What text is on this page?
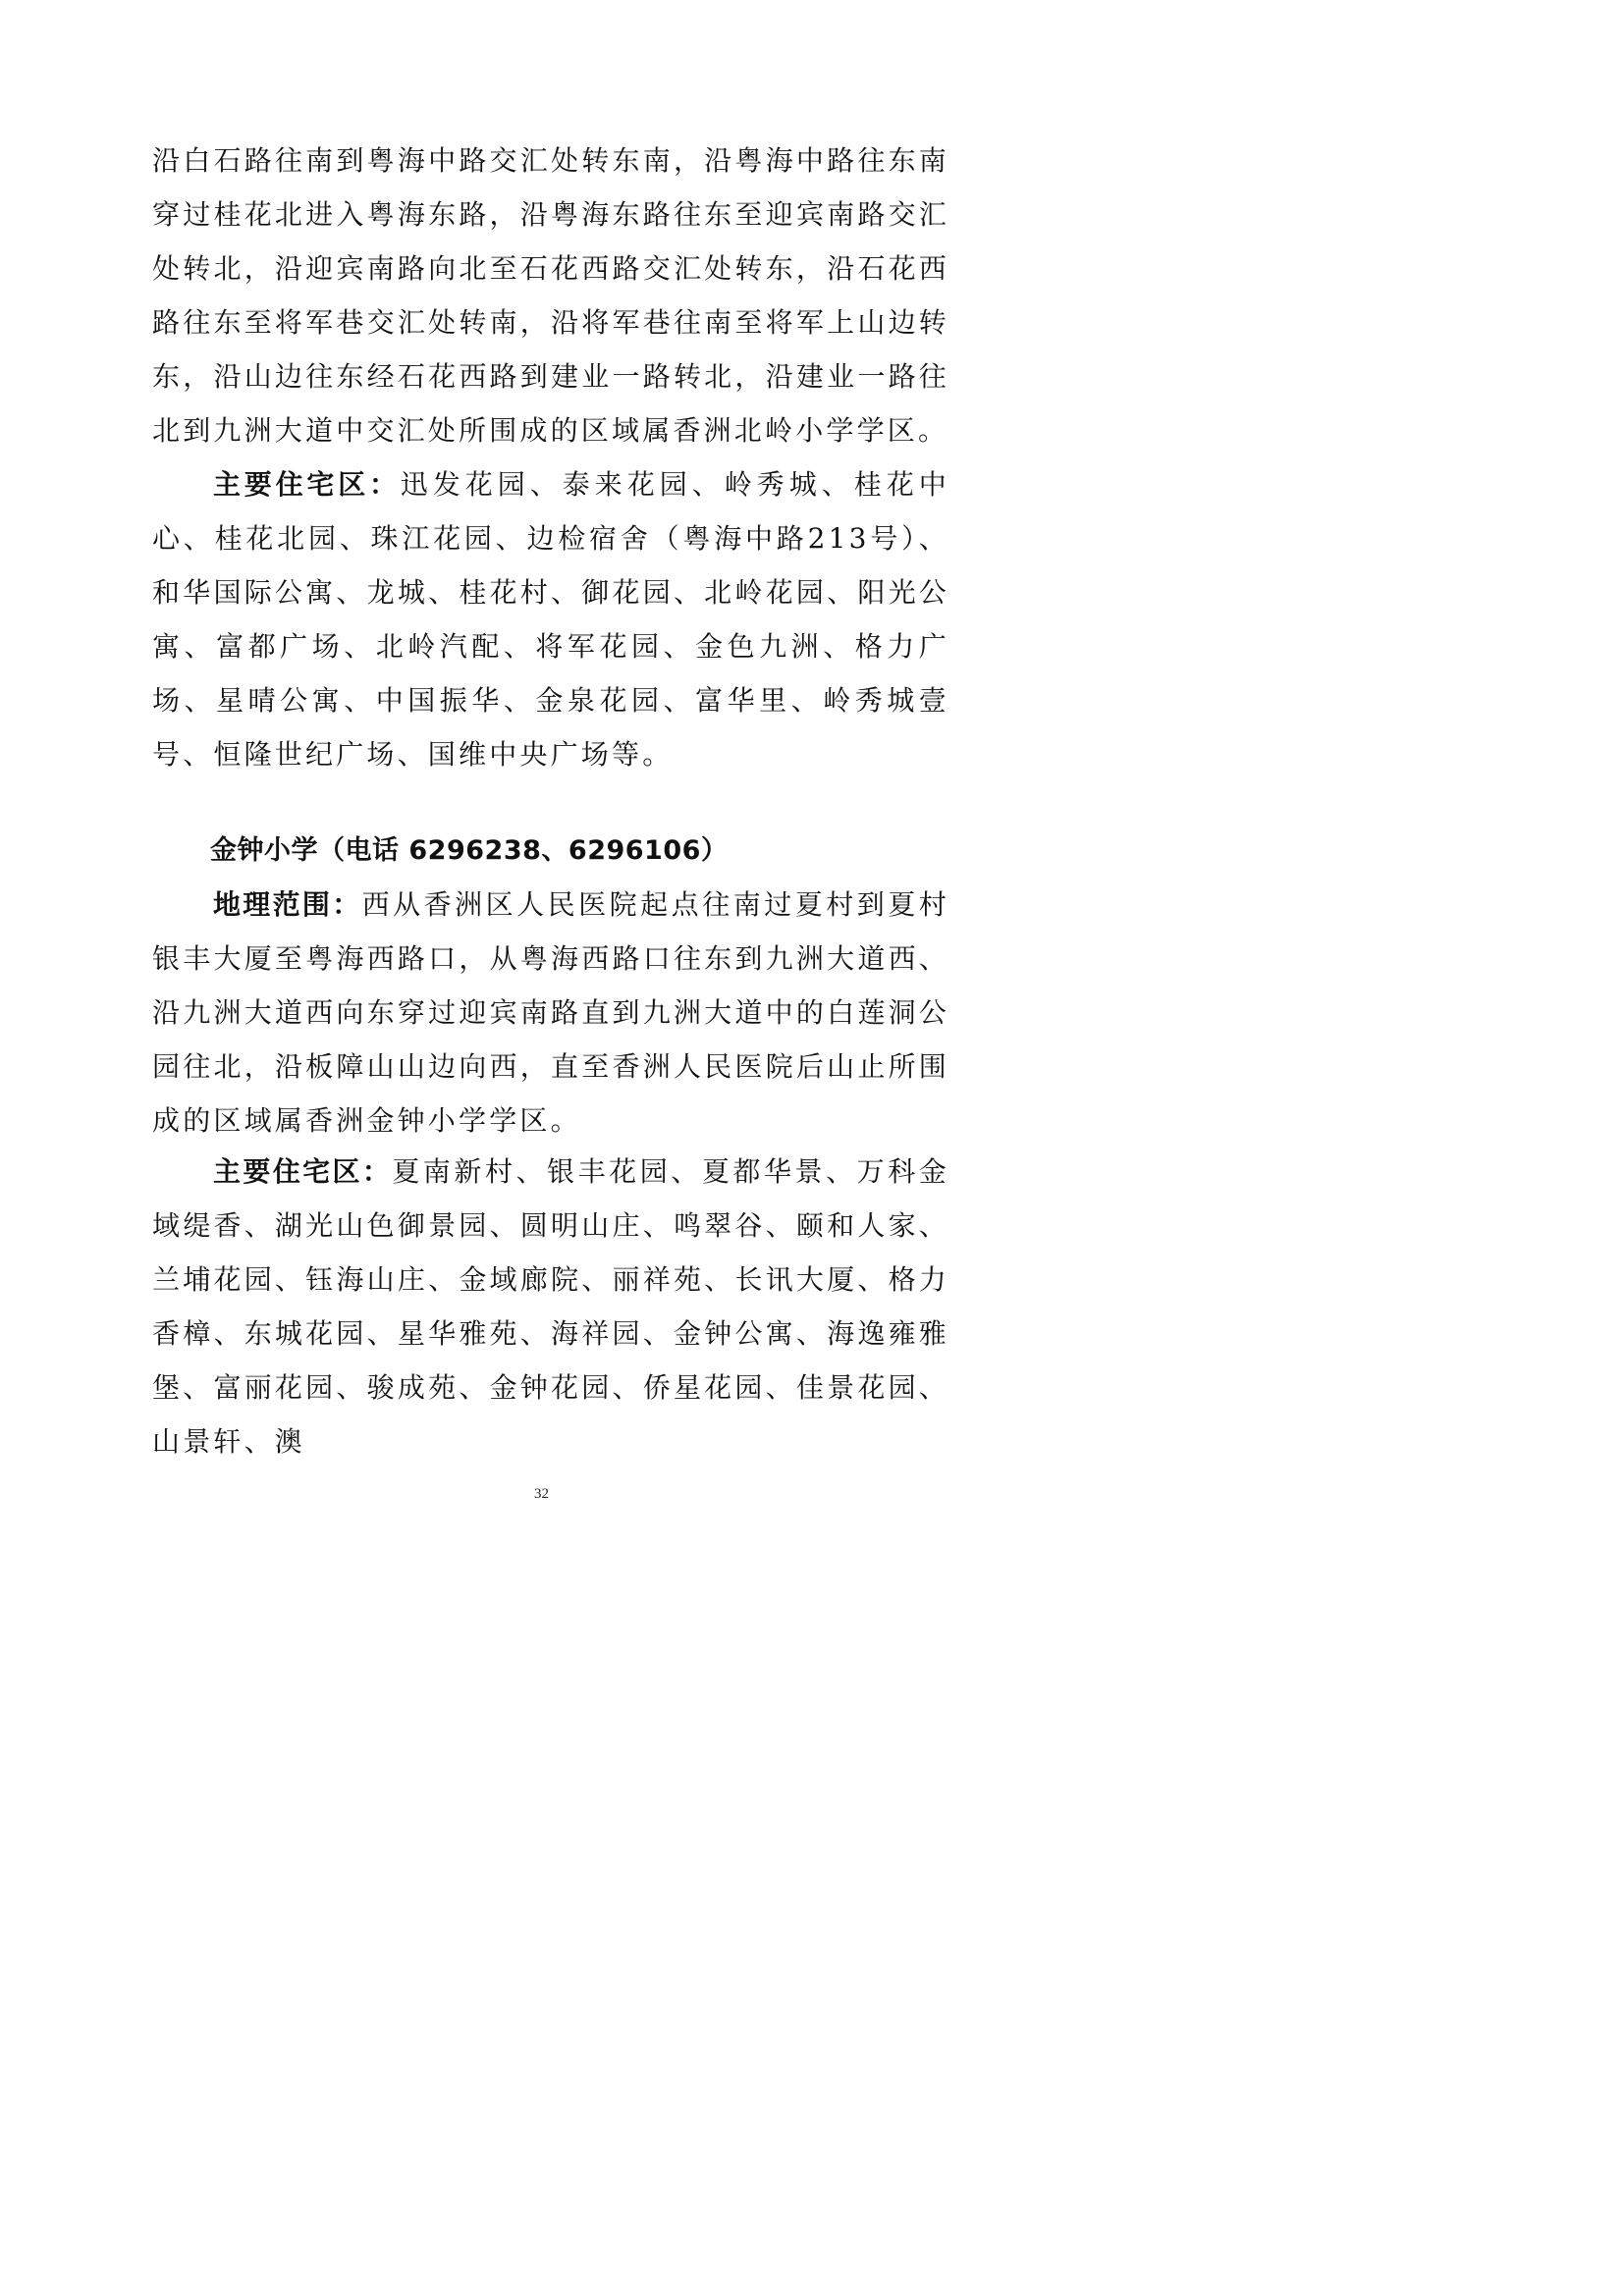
沿白石路往南到粤海中路交汇处转东南，沿粤海中路往东南穿过桂花北进入粤海东路，沿粤海东路往东至迎宾南路交汇处转北，沿迎宾南路向北至石花西路交汇处转东，沿石花西路往东至将军巷交汇处转南，沿将军巷往南至将军上山边转东，沿山边往东经石花西路到建业一路转北，沿建业一路往北到九洲大道中交汇处所围成的区域属香洲北岭小学学区。

主要住宅区：迅发花园、泰来花园、岭秀城、桂花中心、桂花北园、珠江花园、边检宿舍（粤海中路213号）、和华国际公寓、龙城、桂花村、御花园、北岭花园、阳光公寓、富都广场、北岭汽配、将军花园、金色九洲、格力广场、星晴公寓、中国振华、金泉花园、富华里、岭秀城壹号、恒隆世纪广场、国维中央广场等。

金钟小学（电话 6296238、6296106）

地理范围：西从香洲区人民医院起点往南过夏村到夏村银丰大厦至粤海西路口，从粤海西路口往东到九洲大道西、沿九洲大道西向东穿过迎宾南路直到九洲大道中的白莲洞公园往北，沿板障山山边向西，直至香洲人民医院后山止所围成的区域属香洲金钟小学学区。

主要住宅区：夏南新村、银丰花园、夏都华景、万科金域缇香、湖光山色御景园、圆明山庄、鸣翠谷、颐和人家、兰埔花园、钰海山庄、金域廊院、丽祥苑、长讯大厦、格力香樟、东城花园、星华雅苑、海祥园、金钟公寓、海逸雍雅堡、富丽花园、骏成苑、金钟花园、侨星花园、佳景花园、山景轩、澳

32
